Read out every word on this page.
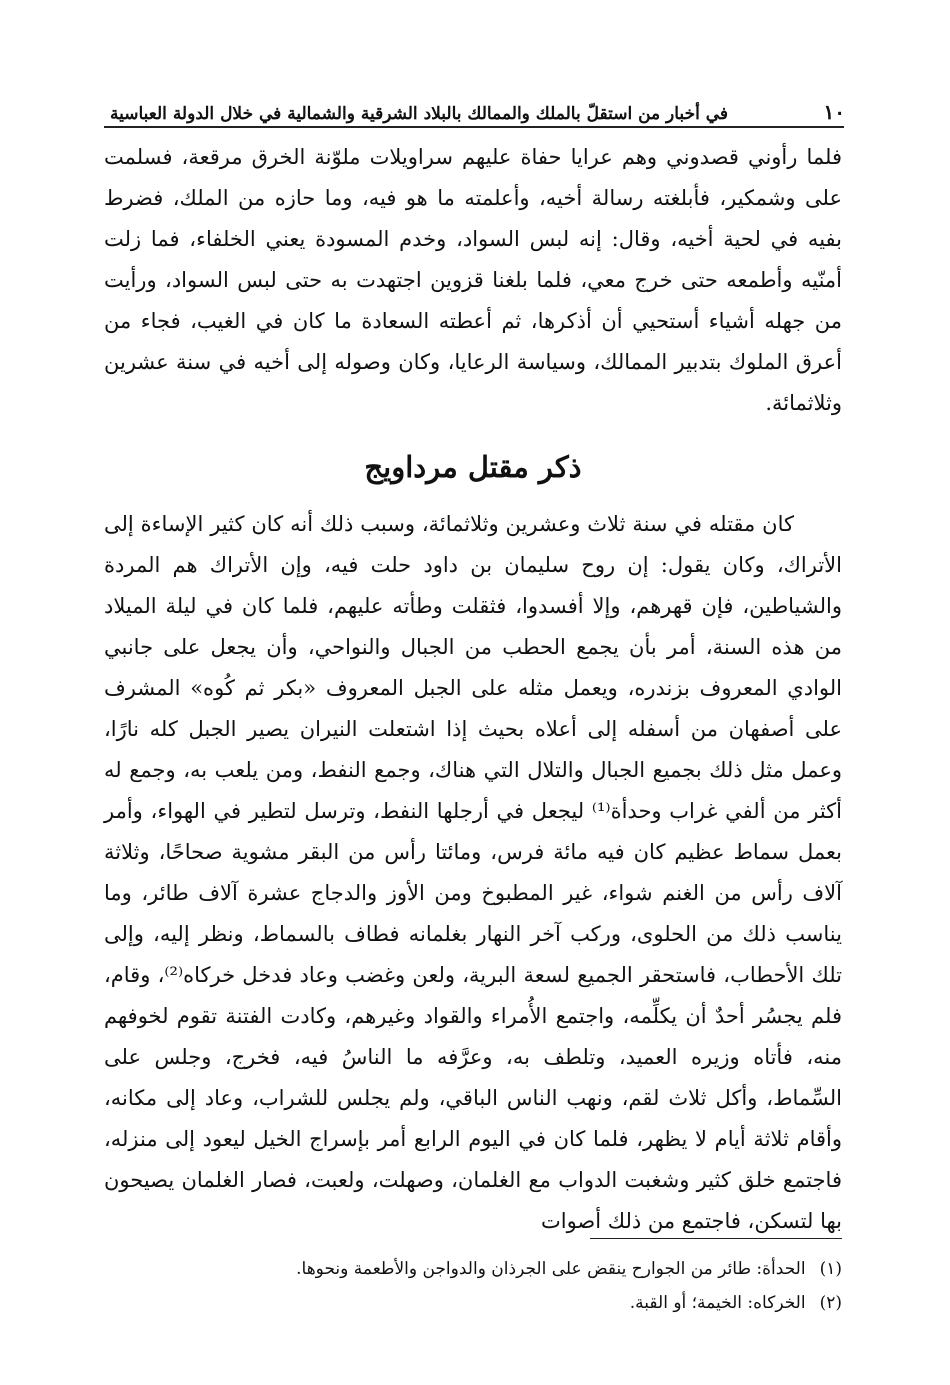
١٠
في أخبار من استقلّ بالملك والممالك بالبلاد الشرقية والشمالية في خلال الدولة العباسية

فلما رأوني قصدوني وهم عرايا حفاة عليهم سراويلات ملوّنة الخرق مرقعة، فسلمت على وشمكير، فأبلغته رسالة أخيه، وأعلمته ما هو فيه، وما حازه من الملك، فضرط بفيه في لحية أخيه، وقال: إنه لبس السواد، وخدم المسودة يعني الخلفاء، فما زلت أمنّيه وأطمعه حتى خرج معي، فلما بلغنا قزوين اجتهدت به حتى لبس السواد، ورأيت من جهله أشياء أستحيي أن أذكرها، ثم أعطته السعادة ما كان في الغيب، فجاء من أعرق الملوك بتدبير الممالك، وسياسة الرعايا، وكان وصوله إلى أخيه في سنة عشرين وثلاثمائة.

ذكر مقتل مرداويج

كان مقتله في سنة ثلاث وعشرين وثلاثمائة، وسبب ذلك أنه كان كثير الإساءة إلى الأتراك، وكان يقول: إن روح سليمان بن داود حلت فيه، وإن الأتراك هم المردة والشياطين، فإن قهرهم، وإلا أفسدوا، فثقلت وطأته عليهم، فلما كان في ليلة الميلاد من هذه السنة، أمر بأن يجمع الحطب من الجبال والنواحي، وأن يجعل على جانبي الوادي المعروف بزندره، ويعمل مثله على الجبل المعروف «بكر ثم كُوه» المشرف على أصفهان من أسفله إلى أعلاه بحيث إذا اشتعلت النيران يصير الجبل كله نارًا، وعمل مثل ذلك بجميع الجبال والتلال التي هناك، وجمع النفط، ومن يلعب به، وجمع له أكثر من ألفي غراب وحدأة⁽¹⁾ ليجعل في أرجلها النفط، وترسل لتطير في الهواء، وأمر بعمل سماط عظيم كان فيه مائة فرس، ومائتا رأس من البقر مشوية صحاحًا، وثلاثة آلاف رأس من الغنم شواء، غير المطبوخ ومن الأوز والدجاج عشرة آلاف طائر، وما يناسب ذلك من الحلوى، وركب آخر النهار بغلمانه فطاف بالسماط، ونظر إليه، وإلى تلك الأحطاب، فاستحقر الجميع لسعة البرية، ولعن وغضب وعاد فدخل خركاه⁽²⁾، وقام، فلم يجسُر أحدٌ أن يكلِّمه، واجتمع الأُمراء والقواد وغيرهم، وكادت الفتنة تقوم لخوفهم منه، فأتاه وزيره العميد، وتلطف به، وعرَّفه ما الناسُ فيه، فخرج، وجلس على السِّماط، وأكل ثلاث لقم، ونهب الناس الباقي، ولم يجلس للشراب، وعاد إلى مكانه، وأقام ثلاثة أيام لا يظهر، فلما كان في اليوم الرابع أمر بإسراج الخيل ليعود إلى منزله، فاجتمع خلق كثير وشغبت الدواب مع الغلمان، وصهلت، ولعبت، فصار الغلمان يصيحون بها لتسكن، فاجتمع من ذلك أصوات

(١)
الحدأة: طائر من الجوارح ينقض على الجرذان والدواجن والأطعمة ونحوها.
(٢)
الخركاه: الخيمة؛ أو القبة.
